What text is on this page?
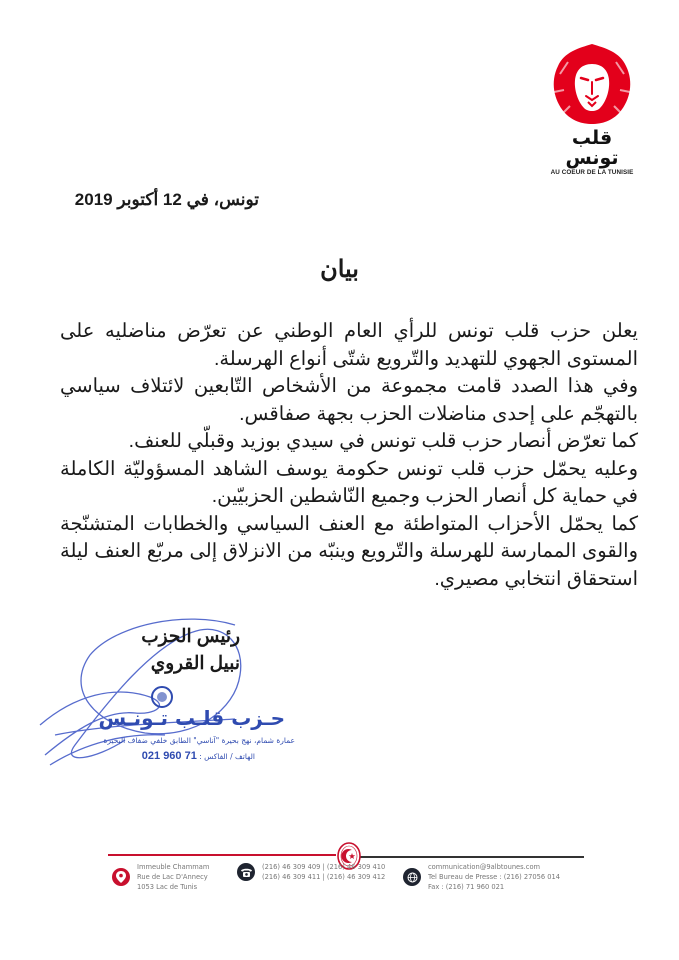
قلب تونس
AU COEUR DE LA TUNISIE
تونس، في 12 أكتوبر 2019
بيان

يعلن حزب قلب تونس للرأي العام الوطني عن تعرّض مناضليه على المستوى الجهوي للتهديد والتّرويع شتّى أنواع الهرسلة.

وفي هذا الصدد قامت مجموعة من الأشخاص التّابعين لائتلاف سياسي بالتهجّم على إحدى مناضلات الحزب بجهة صفاقس.

كما تعرّض أنصار حزب قلب تونس في سيدي بوزيد وقبلّي للعنف.

وعليه يحمّل حزب قلب تونس حكومة يوسف الشاهد المسؤوليّة الكاملة في حماية كل أنصار الحزب وجميع النّاشطين الحزبيّين.

كما يحمّل الأحزاب المتواطئة مع العنف السياسي والخطابات المتشنّجة والقوى الممارسة للهرسلة والتّرويع وينبّه من الانزلاق إلى مربّع العنف ليلة استحقاق انتخابي مصيري.

رئيس الحزب
نبيل القروي
حـزب قلـب تـونـس
عمارة شمام، نهج بحيرة "آناسي" الطابق خلفي ضفاف البحيرة
الهاتف / الفاكس : 71 960 021
Immeuble Chammam
Rue de Lac D'Annecy
1053 Lac de Tunis
(216) 46 309 409 | (216) 46 309 410
(216) 46 309 411 | (216) 46 309 412
communication@9albtounes.com
Tel Bureau de Presse : (216) 27056 014
Fax : (216) 71 960 021
